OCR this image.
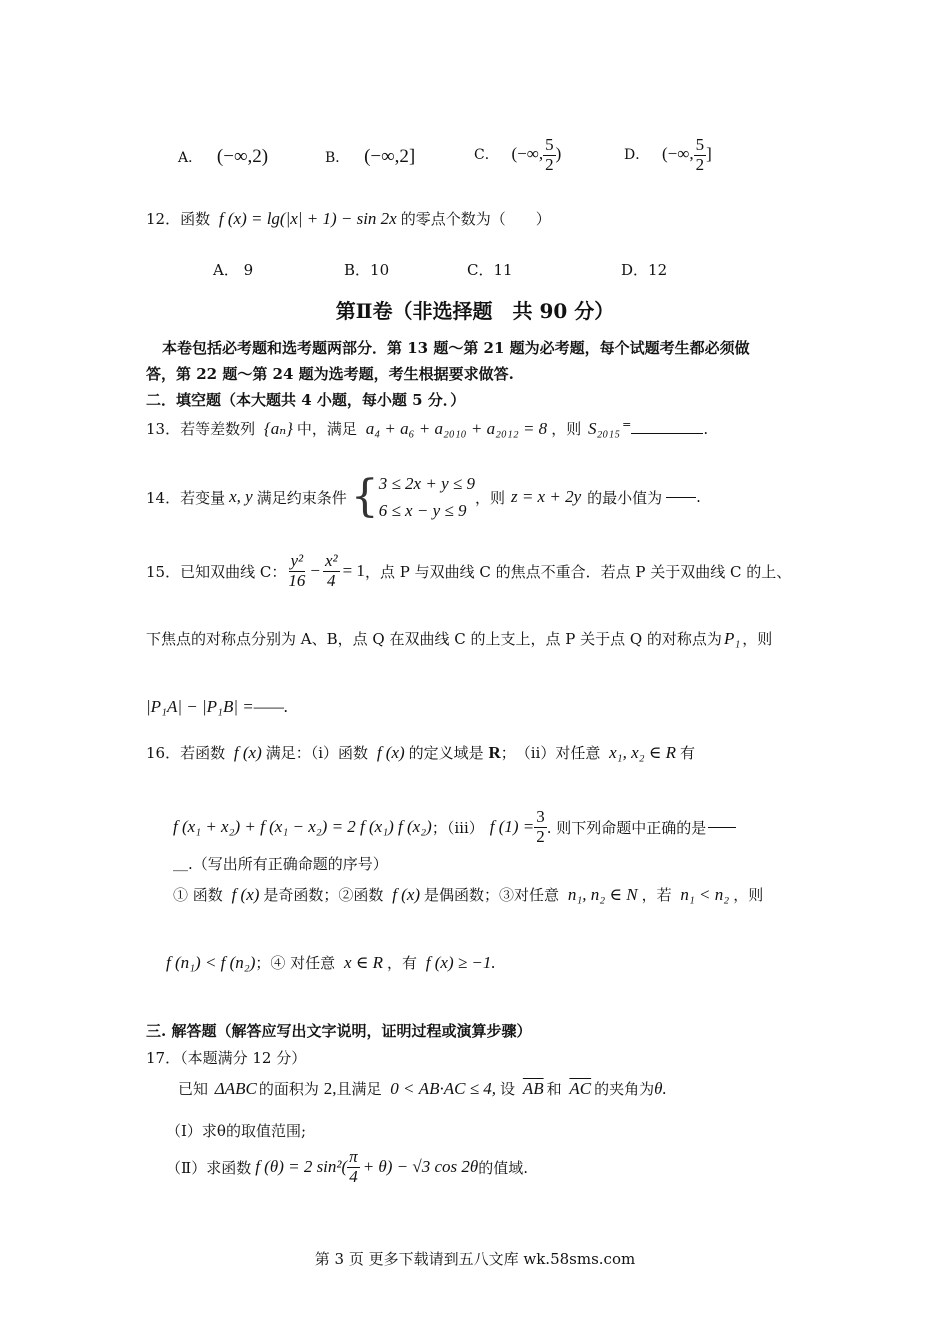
A． (−∞,2)	B． (−∞,2]	C． (−∞, $\frac{5}{2}$ )	D． (−∞, $\frac{5}{2}$ ]
12．函数 f (x) = lg(|x| + 1) − sin 2x 的零点个数为（　　）
A． 9	B．10	C．11	D．12
第Ⅱ卷（非选择题　共 90 分）
本卷包括必考题和选考题两部分．第 13 题～第 21 题为必考题，每个试题考生都必须做
答，第 22 题～第 24 题为选考题，考生根据要求做答.
二．填空题（本大题共 4 小题，每小题 5 分．）
13．若等差数列 {aₙ} 中，满足 a₄ + a₆ + a₂₀₁₀ + a₂₀₁₂ = 8 ，则 S₂₀₁₅ =	.
14． 若变量 x, y 满足约束条件 { 3 ≤ 2x + y ≤ 9
6 ≤ x − y ≤ 9
，则 z = x + 2y 的最小值为 .
15． 已知双曲线 C： $\frac{\text{y²}}{16} - \frac{\text{x²}}{4} = 1$ ，点 P 与双曲线 C 的焦点不重合．若点 P 关于双曲线 C 的上、
下焦点的对称点分别为 A、B，点 Q 在双曲线 C 的上支上，点 P 关于点 Q 的对称点为 P₁ ，则
|P₁A| − |P₁B| =——.
16．若函数 f (x) 满足：（ⅰ）函数 f (x) 的定义域是 R；　（ⅱ）对任意 x₁, x₂ ∈ R 有
f (x₁ + x₂) + f (x₁ − x₂) = 2 f (x₁) f (x₂) ；（ⅲ） f $(1) = \frac{3}{2}$ . 则下列命题中正确的是
＿.（写出所有正确命题的序号）
① 函数 f (x) 是奇函数；②函数 f (x) 是偶函数；③对任意 n₁, n₂ ∈ N ，若 n₁ < n₂ ，则
f (n₁) < f (n₂)；④ 对任意 x ∈ R ，有 f (x) ≥ −1.
三. 解答题（解答应写出文字说明，证明过程或演算步骤）
17．（本题满分 12 分）
已知 ΔABC 的面积为 2,且满足 0 < AB·AC ≤ 4, 设 $\overline{AB}$ 和 $\overline{AC}$ 的夹角为θ.
（Ⅰ）求θ的取值范围;
（Ⅱ）求函数 f (θ) = 2 $\sin^2( \frac{\pi}{4} + \theta) - √3$ cos 2θ 的值域.
第 3 页 更多下载请到五八文库 wk.58sms.com
